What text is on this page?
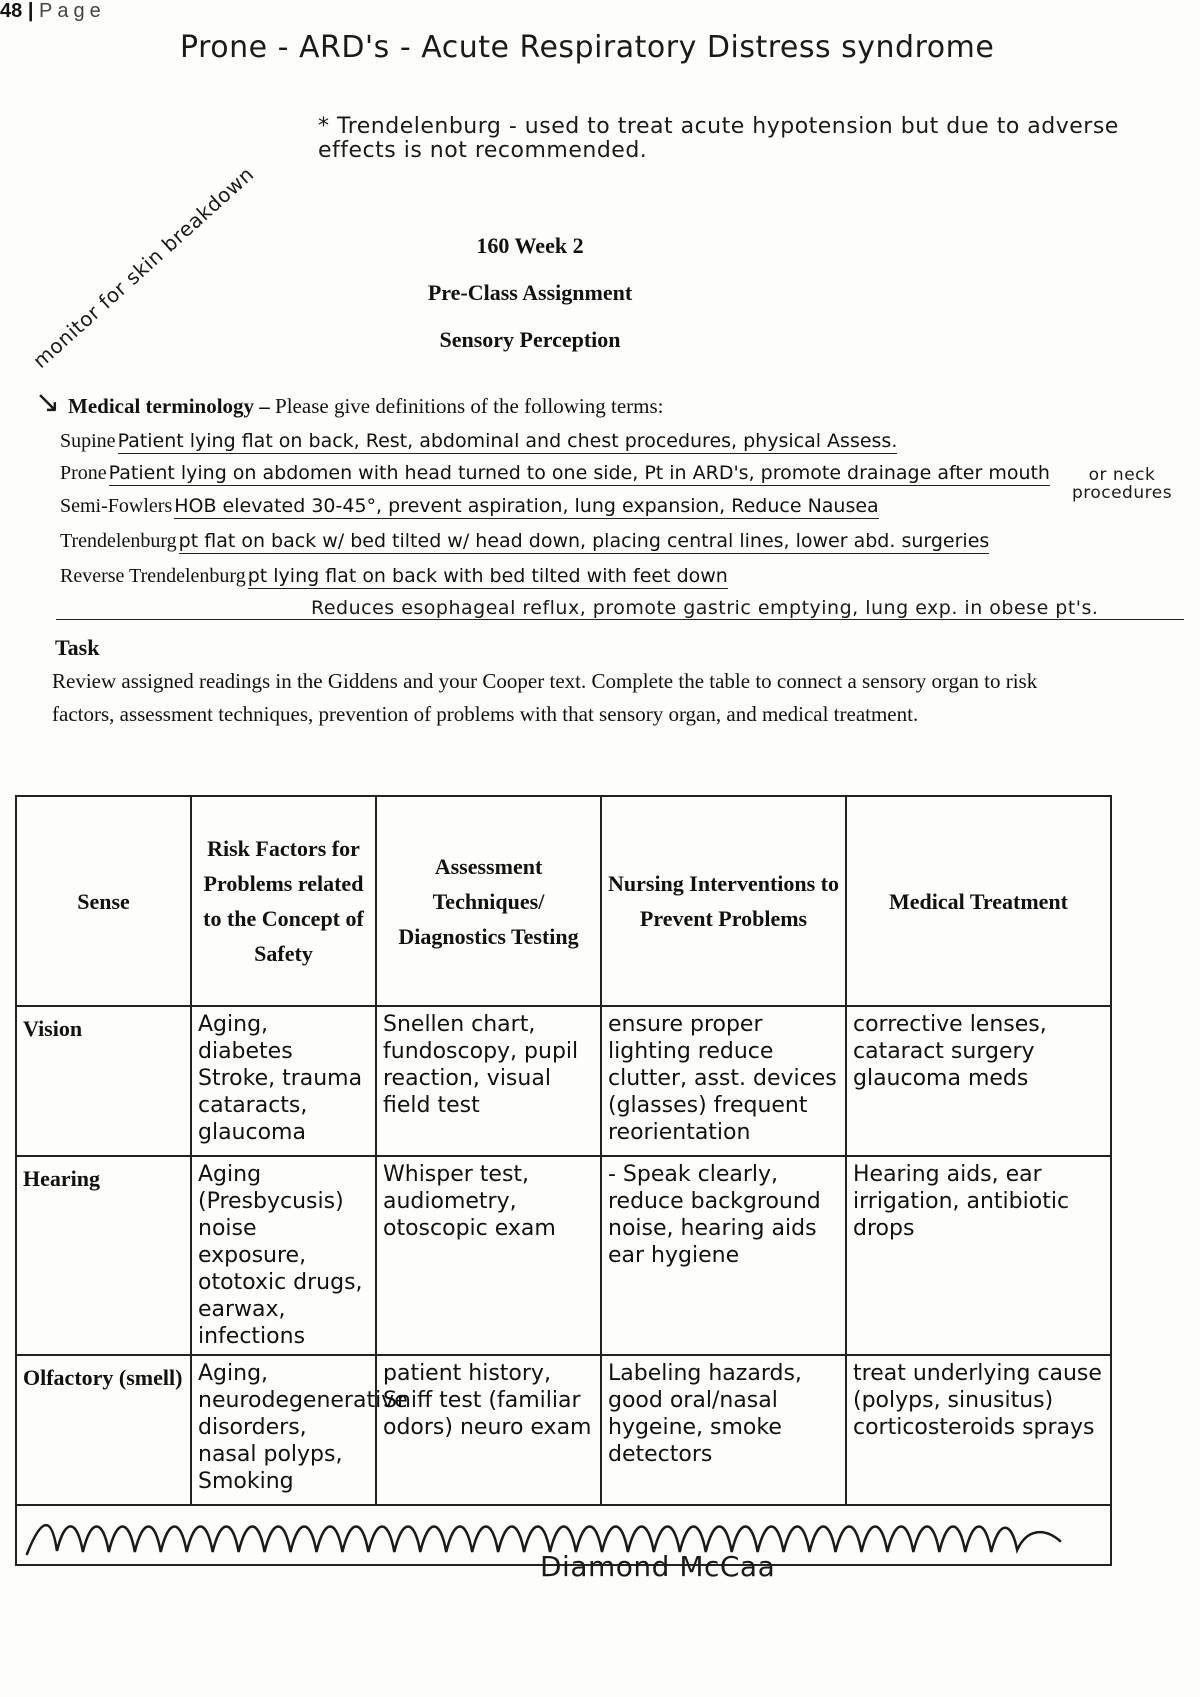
Prone - ARD's - Acute Respiratory Distress syndrome
* Trendelenburg - used to treat acute hypotension but due to adverse effects is not recommended.
monitor for skin breakdown
↘
160 Week 2
Pre-Class Assignment
Sensory Perception
Medical terminology – Please give definitions of the following terms:
Supine Patient lying flat on back, Rest, abdominal and chest procedures, physical Assess.
Prone Patient lying on abdomen with head turned to one side, Pt in ARD's, promote drainage after mouth	or neck procedures
Semi-Fowlers HOB elevated 30-45°, prevent aspiration, lung expansion, Reduce Nausea
Trendelenburg pt flat on back w/ bed tilted w/ head down, placing central lines, lower abd. surgeries
Reverse Trendelenburg pt lying flat on back with bed tilted with feet down
Reduces esophageal reflux, promote gastric emptying, lung exp. in obese pt's.
Task
Review assigned readings in the Giddens and your Cooper text. Complete the table to connect a sensory organ to risk factors, assessment techniques, prevention of problems with that sensory organ, and medical treatment.
Sense	Risk Factors for Problems related to the Concept of Safety	Assessment Techniques/ Diagnostics Testing	Nursing Interventions to Prevent Problems	Medical Treatment
Vision	Aging, diabetes Stroke, trauma cataracts, glaucoma	Snellen chart, fundoscopy, pupil reaction, visual field test	ensure proper lighting reduce clutter, asst. devices (glasses) frequent reorientation	corrective lenses, cataract surgery glaucoma meds
Hearing	Aging (Presbycusis) noise exposure, ototoxic drugs, earwax, infections	Whisper test, audiometry, otoscopic exam	- Speak clearly, reduce background noise, hearing aids ear hygiene	Hearing aids, ear irrigation, antibiotic drops
Olfactory (smell)	Aging, neurodegenerative disorders, nasal polyps, Smoking	patient history, Sniff test (familiar odors) neuro exam	Labeling hazards, good oral/nasal hygeine, smoke detectors	treat underlying cause (polyps, sinusitus) corticosteroids sprays

Diamond McCaa
48 | Page
